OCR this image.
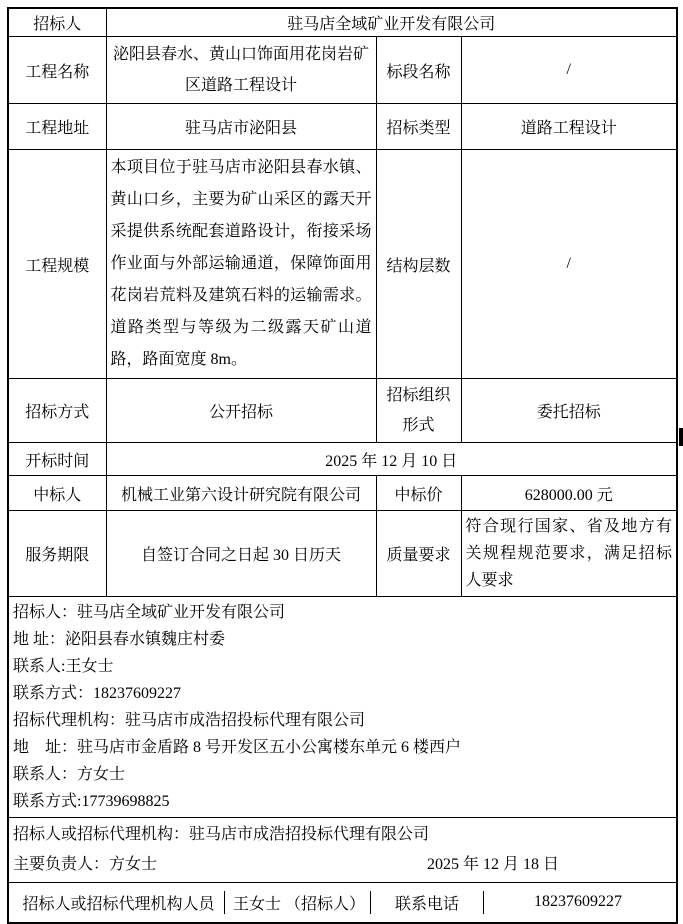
招标人	驻马店全域矿业开发有限公司		
工程名称	泌阳县春水、黄山口饰面用花岗岩矿区道路工程设计	标段名称	/
工程地址	驻马店市泌阳县	招标类型	道路工程设计
工程规模	本项目位于驻马店市泌阳县春水镇、黄山口乡，主要为矿山采区的露天开采提供系统配套道路设计，衔接采场作业面与外部运输通道，保障饰面用花岗岩荒料及建筑石料的运输需求。道路类型与等级为二级露天矿山道路，路面宽度 8m。	结构层数	/
招标方式	公开招标	招标组织形式	委托招标
开标时间	2025 年 12 月 10 日		
中标人	机械工业第六设计研究院有限公司	中标价	628000.00 元
服务期限	自签订合同之日起 30 日历天	质量要求	符合现行国家、省及地方有关规程规范要求，满足招标人要求

招标人：驻马店全域矿业开发有限公司
地 址：泌阳县春水镇魏庄村委
联系人:王女士
联系方式：18237609227
招标代理机构：驻马店市成浩招投标代理有限公司
地　址：驻马店市金盾路 8 号开发区五小公寓楼东单元 6 楼西户
联系人：方女士
联系方式:17739698825

招标人或招标代理机构：驻马店市成浩招投标代理有限公司
主要负责人：方女士 2025 年 12 月 18 日			

招标人或招标代理机构人员 王女士 （招标人） 联系电话 18237609227			
